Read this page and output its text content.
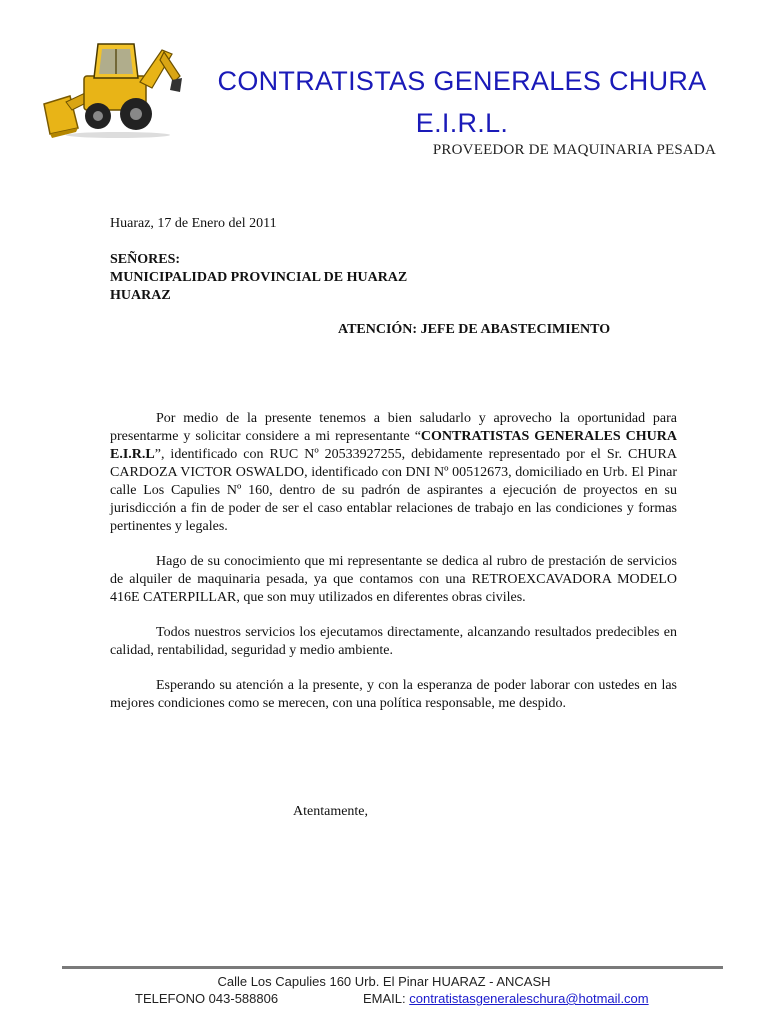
CONTRATISTAS GENERALES CHURA
E.I.R.L.
PROVEEDOR DE MAQUINARIA PESADA
Huaraz, 17 de Enero del 2011
SEÑORES:
MUNICIPALIDAD PROVINCIAL DE HUARAZ
HUARAZ
ATENCIÓN: JEFE DE ABASTECIMIENTO

Por medio de la presente tenemos a bien saludarlo y aprovecho la oportunidad para presentarme y solicitar considere a mi representante “CONTRATISTAS GENERALES CHURA E.I.R.L”, identificado con RUC Nº 20533927255, debidamente representado por el Sr. CHURA CARDOZA VICTOR OSWALDO, identificado con DNI Nº 00512673, domiciliado en Urb. El Pinar calle Los Capulies Nº 160, dentro de su padrón de aspirantes a ejecución de proyectos en su jurisdicción a fin de poder de ser el caso entablar relaciones de trabajo en las condiciones y formas pertinentes y legales.

Hago de su conocimiento que mi representante se dedica al rubro de prestación de servicios de alquiler de maquinaria pesada, ya que contamos con una RETROEXCAVADORA MODELO 416E CATERPILLAR, que son muy utilizados en diferentes obras civiles.

Todos nuestros servicios los ejecutamos directamente, alcanzando resultados predecibles en calidad, rentabilidad, seguridad y medio ambiente.

Esperando su atención a la presente, y con la esperanza de poder laborar con ustedes en las mejores condiciones como se merecen, con una política responsable, me despido.

Atentamente,
Calle Los Capulies 160 Urb. El Pinar HUARAZ - ANCASH
TELEFONO 043-588806	EMAIL: contratistasgeneraleschura@hotmail.com
